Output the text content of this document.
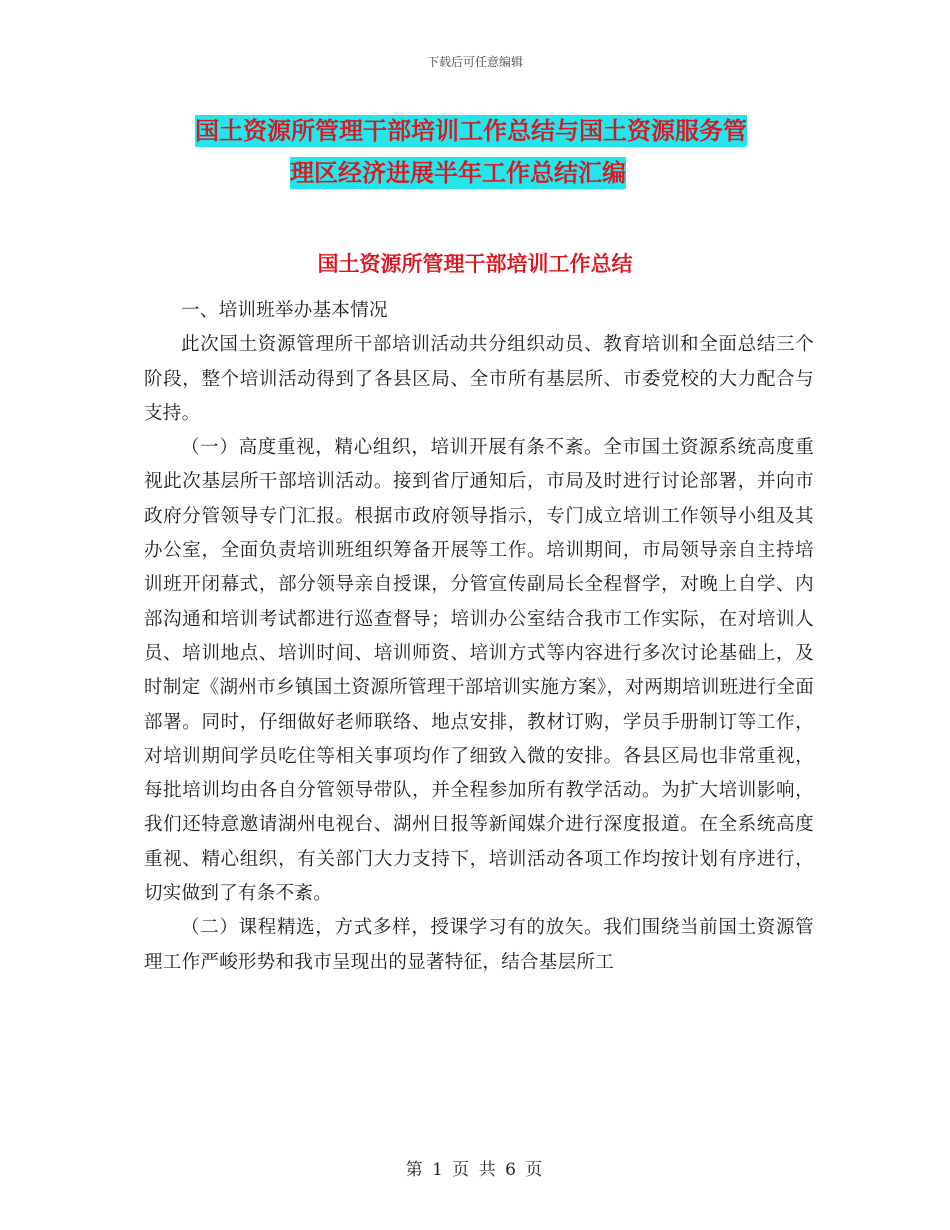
下载后可任意编辑
国土资源所管理干部培训工作总结与国土资源服务管
理区经济进展半年工作总结汇编
国土资源所管理干部培训工作总结

一、培训班举办基本情况

此次国土资源管理所干部培训活动共分组织动员、教育培训和全面总结三个阶段，整个培训活动得到了各县区局、全市所有基层所、市委党校的大力配合与支持。

（一）高度重视，精心组织，培训开展有条不紊。全市国土资源系统高度重视此次基层所干部培训活动。接到省厅通知后，市局及时进行讨论部署，并向市政府分管领导专门汇报。根据市政府领导指示，专门成立培训工作领导小组及其办公室，全面负责培训班组织筹备开展等工作。培训期间，市局领导亲自主持培训班开闭幕式，部分领导亲自授课，分管宣传副局长全程督学，对晚上自学、内部沟通和培训考试都进行巡查督导；培训办公室结合我市工作实际，在对培训人员、培训地点、培训时间、培训师资、培训方式等内容进行多次讨论基础上，及时制定《湖州市乡镇国土资源所管理干部培训实施方案》，对两期培训班进行全面部署。同时，仔细做好老师联络、地点安排，教材订购，学员手册制订等工作，对培训期间学员吃住等相关事项均作了细致入微的安排。各县区局也非常重视，每批培训均由各自分管领导带队，并全程参加所有教学活动。为扩大培训影响，我们还特意邀请湖州电视台、湖州日报等新闻媒介进行深度报道。在全系统高度重视、精心组织，有关部门大力支持下，培训活动各项工作均按计划有序进行，切实做到了有条不紊。

（二）课程精选，方式多样，授课学习有的放矢。我们围绕当前国土资源管理工作严峻形势和我市呈现出的显著特征，结合基层所工

第 1 页 共 6 页
